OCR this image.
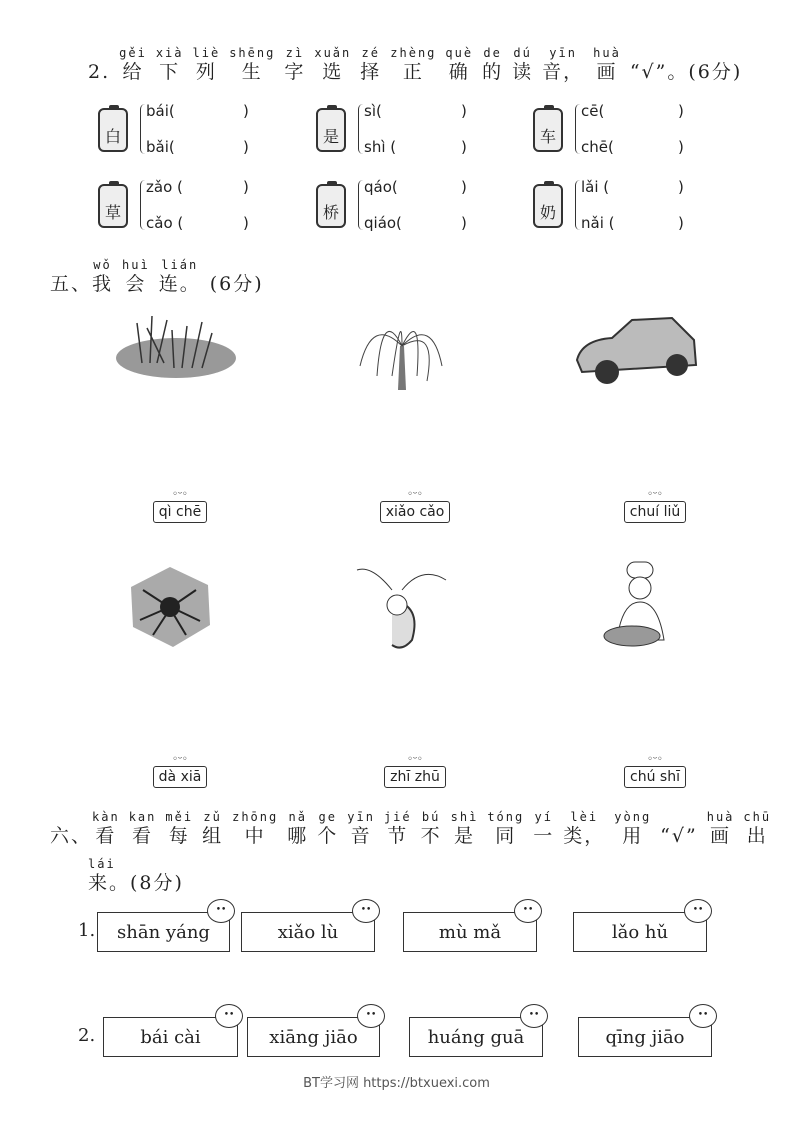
2.
gěi
给
xià
下
liè
列
shēng
生
zì
字
xuǎn
选
zé
择
zhèng
正
què
确
de
的
dú
读
yīn
音，
huà
画 “√”。(6分)
白
bái(	)
bǎi(	)
是
sì(	)
shì (	)
车
cē(	)
chē(	)
草
zǎo (	)
cǎo (	)
桥
qáo(	)
qiáo(	)
奶
lǎi (	)
nǎi (	)
五、
wǒ
我
huì
会
lián
连。 (6分)
◦ᵕ◦
qì chē
◦ᵕ◦
xiǎo cǎo
◦ᵕ◦
chuí liǔ
◦ᵕ◦
dà xiā
◦ᵕ◦
zhī zhū
◦ᵕ◦
chú shī
六、
kàn
看
kan
看
měi
每
zǔ
组
zhōng
中
nǎ
哪
ge
个
yīn
音
jié
节
bú
不
shì
是
tóng
同
yí
一
lèi
类，
yòng
用 “√”
huà
画
chū
出
lái
来。(8分)
1. shān yáng
••
xiǎo lù
••
mù mǎ
••
lǎo hǔ
••
2.	bái cài
••
xiāng jiāo
••
huáng guā
••
qīng jiāo
••
BT学习网 https://btxuexi.com
